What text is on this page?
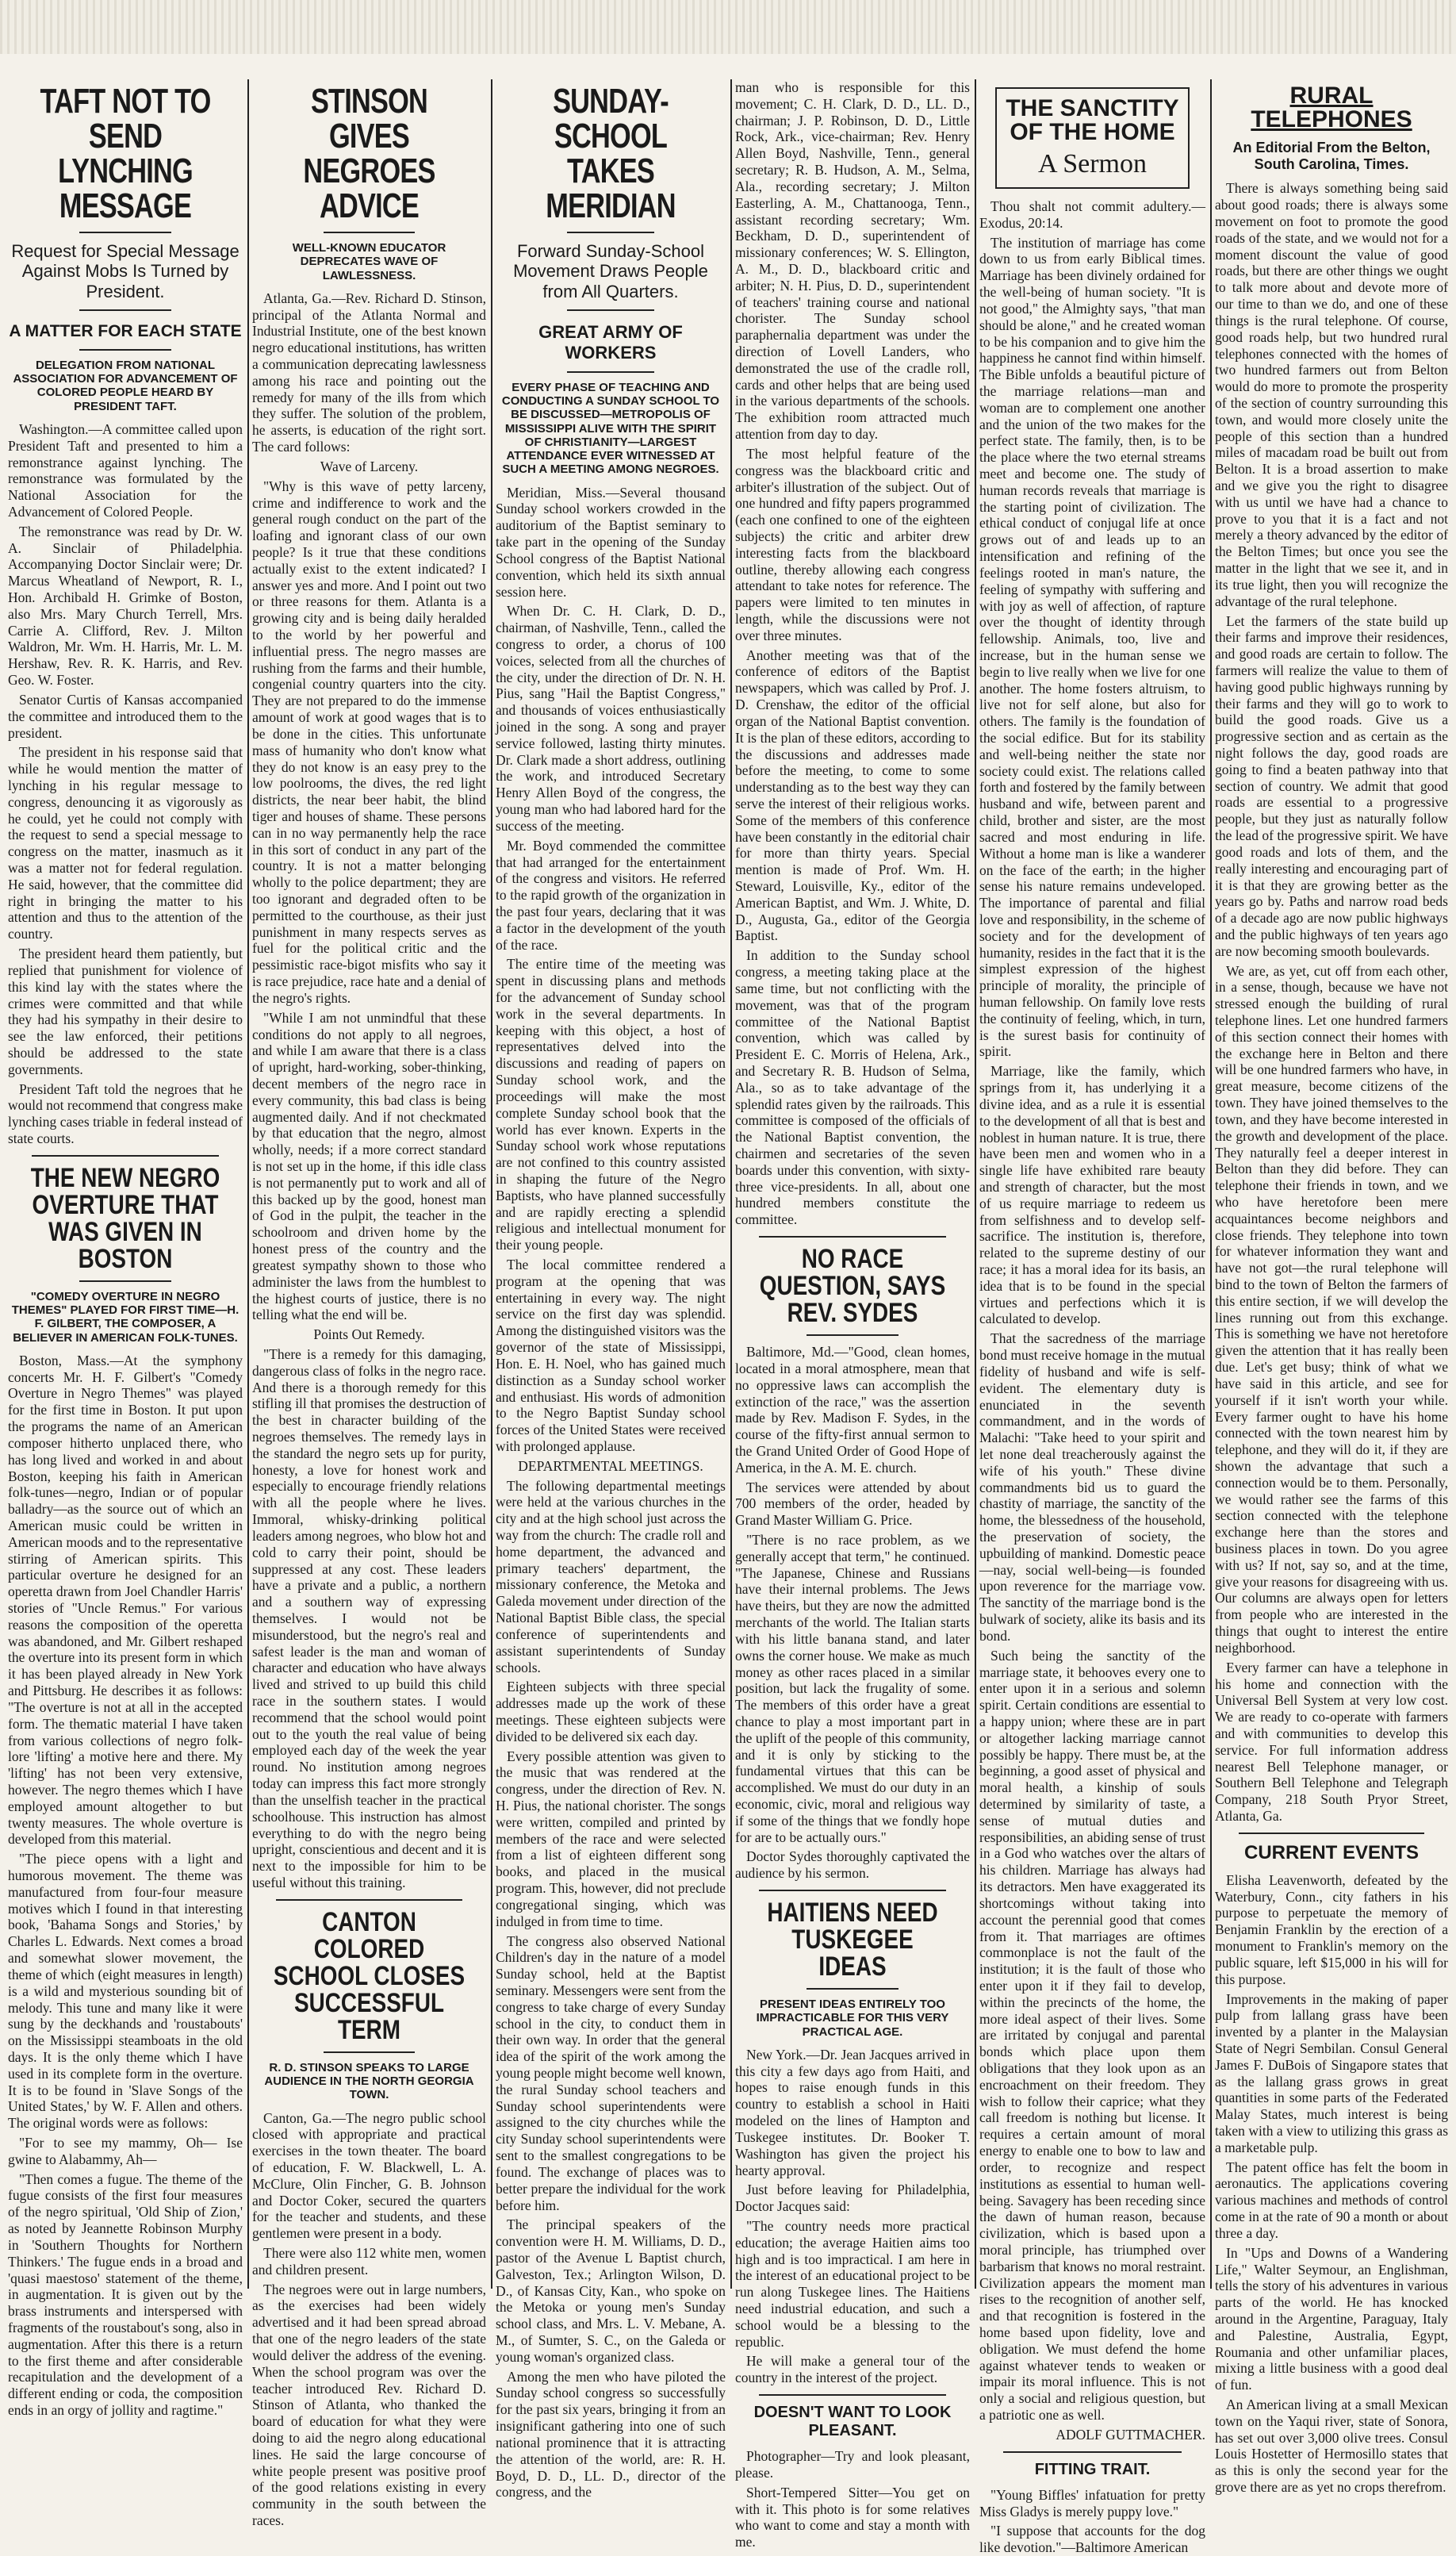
TAFT NOT TO SEND LYNCHING MESSAGE
Request for Special Message Against Mobs Is Turned by President.
A MATTER FOR EACH STATE
DELEGATION FROM NATIONAL ASSOCIATION FOR ADVANCEMENT OF COLORED PEOPLE HEARD BY PRESIDENT TAFT.

Washington.—A committee called upon President Taft and presented to him a remonstrance against lynching. The remonstrance was formulated by the National Association for the Advancement of Colored People.

The remonstrance was read by Dr. W. A. Sinclair of Philadelphia. Accompanying Doctor Sinclair were; Dr. Marcus Wheatland of Newport, R. I., Hon. Archibald H. Grimke of Boston, also Mrs. Mary Church Terrell, Mrs. Carrie A. Clifford, Rev. J. Milton Waldron, Mr. Wm. H. Harris, Mr. L. M. Hershaw, Rev. R. K. Harris, and Rev. Geo. W. Foster.

Senator Curtis of Kansas accompanied the committee and introduced them to the president.

The president in his response said that while he would mention the matter of lynching in his regular message to congress, denouncing it as vigorously as he could, yet he could not comply with the request to send a special message to congress on the matter, inasmuch as it was a matter not for federal regulation. He said, however, that the committee did right in bringing the matter to his attention and thus to the attention of the country.

The president heard them patiently, but replied that punishment for violence of this kind lay with the states where the crimes were committed and that while they had his sympathy in their desire to see the law enforced, their petitions should be addressed to the state governments.

President Taft told the negroes that he would not recommend that congress make lynching cases triable in federal instead of state courts.

THE NEW NEGRO OVERTURE THAT WAS GIVEN IN BOSTON
"COMEDY OVERTURE IN NEGRO THEMES" PLAYED FOR FIRST TIME—H. F. GILBERT, THE COMPOSER, A BELIEVER IN AMERICAN FOLK-TUNES.

Boston, Mass.—At the symphony concerts Mr. H. F. Gilbert's "Comedy Overture in Negro Themes" was played for the first time in Boston. It put upon the programs the name of an American composer hitherto unplaced there, who has long lived and worked in and about Boston, keeping his faith in American folk-tunes—negro, Indian or of popular balladry—as the source out of which an American music could be written in American moods and to the representative stirring of American spirits. This particular overture he designed for an operetta drawn from Joel Chandler Harris' stories of "Uncle Remus." For various reasons the composition of the operetta was abandoned, and Mr. Gilbert reshaped the overture into its present form in which it has been played already in New York and Pittsburg. He describes it as follows: "The overture is not at all in the accepted form. The thematic material I have taken from various collections of negro folk-lore 'lifting' a motive here and there. My 'lifting' has not been very extensive, however. The negro themes which I have employed amount altogether to but twenty measures. The whole overture is developed from this material.

"The piece opens with a light and humorous movement. The theme was manufactured from four-four measure motives which I found in that interesting book, 'Bahama Songs and Stories,' by Charles L. Edwards. Next comes a broad and somewhat slower movement, the theme of which (eight measures in length) is a wild and mysterious sounding bit of melody. This tune and many like it were sung by the deckhands and 'roustabouts' on the Mississippi steamboats in the old days. It is the only theme which I have used in its complete form in the overture. It is to be found in 'Slave Songs of the United States,' by W. F. Allen and others. The original words were as follows:

"For to see my mammy, Oh— Ise gwine to Alabammy, Ah—

"Then comes a fugue. The theme of the fugue consists of the first four measures of the negro spiritual, 'Old Ship of Zion,' as noted by Jeannette Robinson Murphy in 'Southern Thoughts for Northern Thinkers.' The fugue ends in a broad and 'quasi maestoso' statement of the theme, in augmentation. It is given out by the brass instruments and interspersed with fragments of the roustabout's song, also in augmentation. After this there is a return to the first theme and after considerable recapitulation and the development of a different ending or coda, the composition ends in an orgy of jollity and ragtime."

STINSON GIVES NEGROES ADVICE
WELL-KNOWN EDUCATOR DEPRECATES WAVE OF LAWLESSNESS.

Atlanta, Ga.—Rev. Richard D. Stinson, principal of the Atlanta Normal and Industrial Institute, one of the best known negro educational institutions, has written a communication deprecating lawlessness among his race and pointing out the remedy for many of the ills from which they suffer. The solution of the problem, he asserts, is education of the right sort. The card follows:

Wave of Larceny.

"Why is this wave of petty larceny, crime and indifference to work and the general rough conduct on the part of the loafing and ignorant class of our own people? Is it true that these conditions actually exist to the extent indicated? I answer yes and more. And I point out two or three reasons for them. Atlanta is a growing city and is being daily heralded to the world by her powerful and influential press. The negro masses are rushing from the farms and their humble, congenial country quarters into the city. They are not prepared to do the immense amount of work at good wages that is to be done in the cities. This unfortunate mass of humanity who don't know what they do not know is an easy prey to the low poolrooms, the dives, the red light districts, the near beer habit, the blind tiger and houses of shame. These persons can in no way permanently help the race in this sort of conduct in any part of the country. It is not a matter belonging wholly to the police department; they are too ignorant and degraded often to be permitted to the courthouse, as their just punishment in many respects serves as fuel for the political critic and the pessimistic race-bigot misfits who say it is race prejudice, race hate and a denial of the negro's rights.

"While I am not unmindful that these conditions do not apply to all negroes, and while I am aware that there is a class of upright, hard-working, sober-thinking, decent members of the negro race in every community, this bad class is being augmented daily. And if not checkmated by that education that the negro, almost wholly, needs; if a more correct standard is not set up in the home, if this idle class is not permanently put to work and all of this backed up by the good, honest man of God in the pulpit, the teacher in the schoolroom and driven home by the honest press of the country and the greatest sympathy shown to those who administer the laws from the humblest to the highest courts of justice, there is no telling what the end will be.

Points Out Remedy.

"There is a remedy for this damaging, dangerous class of folks in the negro race. And there is a thorough remedy for this stifling ill that promises the destruction of the best in character building of the negroes themselves. The remedy lays in the standard the negro sets up for purity, honesty, a love for honest work and especially to encourage friendly relations with all the people where he lives. Immoral, whisky-drinking political leaders among negroes, who blow hot and cold to carry their point, should be suppressed at any cost. These leaders have a private and a public, a northern and a southern way of expressing themselves. I would not be misunderstood, but the negro's real and safest leader is the man and woman of character and education who have always lived and strived to up build this child race in the southern states. I would recommend that the school would point out to the youth the real value of being employed each day of the week the year round. No institution among negroes today can impress this fact more strongly than the unselfish teacher in the practical schoolhouse. This instruction has almost everything to do with the negro being upright, conscientious and decent and it is next to the impossible for him to be useful without this training.

CANTON COLORED SCHOOL CLOSES SUCCESSFUL TERM
R. D. STINSON SPEAKS TO LARGE AUDIENCE IN THE NORTH GEORGIA TOWN.

Canton, Ga.—The negro public school closed with appropriate and practical exercises in the town theater. The board of education, F. W. Blackwell, L. A. McClure, Olin Fincher, G. B. Johnson and Doctor Coker, secured the quarters for the teacher and students, and these gentlemen were present in a body.

There were also 112 white men, women and children present.

The negroes were out in large numbers, as the exercises had been widely advertised and it had been spread abroad that one of the negro leaders of the state would deliver the address of the evening. When the school program was over the teacher introduced Rev. Richard D. Stinson of Atlanta, who thanked the board of education for what they were doing to aid the negro along educational lines. He said the large concourse of white people present was positive proof of the good relations existing in every community in the south between the races.

SUNDAY-SCHOOL TAKES MERIDIAN
Forward Sunday-School Movement Draws People from All Quarters.
GREAT ARMY OF WORKERS
EVERY PHASE OF TEACHING AND CONDUCTING A SUNDAY SCHOOL TO BE DISCUSSED—METROPOLIS OF MISSISSIPPI ALIVE WITH THE SPIRIT OF CHRISTIANITY—LARGEST ATTENDANCE EVER WITNESSED AT SUCH A MEETING AMONG NEGROES.

Meridian, Miss.—Several thousand Sunday school workers crowded in the auditorium of the Baptist seminary to take part in the opening of the Sunday School congress of the Baptist National convention, which held its sixth annual session here.

When Dr. C. H. Clark, D. D., chairman, of Nashville, Tenn., called the congress to order, a chorus of 100 voices, selected from all the churches of the city, under the direction of Dr. N. H. Pius, sang "Hail the Baptist Congress," and thousands of voices enthusiastically joined in the song. A song and prayer service followed, lasting thirty minutes. Dr. Clark made a short address, outlining the work, and introduced Secretary Henry Allen Boyd of the congress, the young man who had labored hard for the success of the meeting.

Mr. Boyd commended the committee that had arranged for the entertainment of the congress and visitors. He referred to the rapid growth of the organization in the past four years, declaring that it was a factor in the development of the youth of the race.

The entire time of the meeting was spent in discussing plans and methods for the advancement of Sunday school work in the several departments. In keeping with this object, a host of representatives delved into the discussions and reading of papers on Sunday school work, and the proceedings will make the most complete Sunday school book that the world has ever known. Experts in the Sunday school work whose reputations are not confined to this country assisted in shaping the future of the Negro Baptists, who have planned successfully and are rapidly erecting a splendid religious and intellectual monument for their young people.

The local committee rendered a program at the opening that was entertaining in every way. The night service on the first day was splendid. Among the distinguished visitors was the governor of the state of Mississippi, Hon. E. H. Noel, who has gained much distinction as a Sunday school worker and enthusiast. His words of admonition to the Negro Baptist Sunday school forces of the United States were received with prolonged applause.

DEPARTMENTAL MEETINGS.

The following departmental meetings were held at the various churches in the city and at the high school just across the way from the church: The cradle roll and home department, the advanced and primary teachers' department, the missionary conference, the Metoka and Galeda movement under direction of the National Baptist Bible class, the special conference of superintendents and assistant superintendents of Sunday schools.

Eighteen subjects with three special addresses made up the work of these meetings. These eighteen subjects were divided to be delivered six each day.

Every possible attention was given to the music that was rendered at the congress, under the direction of Rev. N. H. Pius, the national chorister. The songs were written, compiled and printed by members of the race and were selected from a list of eighteen different song books, and placed in the musical program. This, however, did not preclude congregational singing, which was indulged in from time to time.

The congress also observed National Children's day in the nature of a model Sunday school, held at the Baptist seminary. Messengers were sent from the congress to take charge of every Sunday school in the city, to conduct them in their own way. In order that the general idea of the spirit of the work among the young people might become well known, the rural Sunday school teachers and Sunday school superintendents were assigned to the city churches while the city Sunday school superintendents were sent to the smallest congregations to be found. The exchange of places was to better prepare the individual for the work before him.

The principal speakers of the convention were H. M. Williams, D. D., pastor of the Avenue L Baptist church, Galveston, Tex.; Arlington Wilson, D. D., of Kansas City, Kan., who spoke on the Metoka or young men's Sunday school class, and Mrs. L. V. Mebane, A. M., of Sumter, S. C., on the Galeda or young woman's organized class.

Among the men who have piloted the Sunday school congress so successfully for the past six years, bringing it from an insignificant gathering into one of such national prominence that it is attracting the attention of the world, are: R. H. Boyd, D. D., LL. D., director of the congress, and the

man who is responsible for this movement; C. H. Clark, D. D., LL. D., chairman; J. P. Robinson, D. D., Little Rock, Ark., vice-chairman; Rev. Henry Allen Boyd, Nashville, Tenn., general secretary; R. B. Hudson, A. M., Selma, Ala., recording secretary; J. Milton Easterling, A. M., Chattanooga, Tenn., assistant recording secretary; Wm. Beckham, D. D., superintendent of missionary conferences; W. S. Ellington, A. M., D. D., blackboard critic and arbiter; N. H. Pius, D. D., superintendent of teachers' training course and national chorister. The Sunday school paraphernalia department was under the direction of Lovell Landers, who demonstrated the use of the cradle roll, cards and other helps that are being used in the various departments of the schools. The exhibition room attracted much attention from day to day.

The most helpful feature of the congress was the blackboard critic and arbiter's illustration of the subject. Out of one hundred and fifty papers programmed (each one confined to one of the eighteen subjects) the critic and arbiter drew interesting facts from the blackboard outline, thereby allowing each congress attendant to take notes for reference. The papers were limited to ten minutes in length, while the discussions were not over three minutes.

Another meeting was that of the conference of editors of the Baptist newspapers, which was called by Prof. J. D. Crenshaw, the editor of the official organ of the National Baptist convention. It is the plan of these editors, according to the discussions and addresses made before the meeting, to come to some understanding as to the best way they can serve the interest of their religious works. Some of the members of this conference have been constantly in the editorial chair for more than thirty years. Special mention is made of Prof. Wm. H. Steward, Louisville, Ky., editor of the American Baptist, and Wm. J. White, D. D., Augusta, Ga., editor of the Georgia Baptist.

In addition to the Sunday school congress, a meeting taking place at the same time, but not conflicting with the movement, was that of the program committee of the National Baptist convention, which was called by President E. C. Morris of Helena, Ark., and Secretary R. B. Hudson of Selma, Ala., so as to take advantage of the splendid rates given by the railroads. This committee is composed of the officials of the National Baptist convention, the chairmen and secretaries of the seven boards under this convention, with sixty-three vice-presidents. In all, about one hundred members constitute the committee.

NO RACE QUESTION, SAYS REV. SYDES

Baltimore, Md.—"Good, clean homes, located in a moral atmosphere, mean that no oppressive laws can accomplish the extinction of the race," was the assertion made by Rev. Madison F. Sydes, in the course of the fifty-first annual sermon to the Grand United Order of Good Hope of America, in the A. M. E. church.

The services were attended by about 700 members of the order, headed by Grand Master William G. Price.

"There is no race problem, as we generally accept that term," he continued. "The Japanese, Chinese and Russians have their internal problems. The Jews have theirs, but they are now the admitted merchants of the world. The Italian starts with his little banana stand, and later owns the corner house. We make as much money as other races placed in a similar position, but lack the frugality of some. The members of this order have a great chance to play a most important part in the uplift of the people of this community, and it is only by sticking to the fundamental virtues that this can be accomplished. We must do our duty in an economic, civic, moral and religious way if some of the things that we fondly hope for are to be actually ours."

Doctor Sydes thoroughly captivated the audience by his sermon.

HAITIENS NEED TUSKEGEE IDEAS
PRESENT IDEAS ENTIRELY TOO IMPRACTICABLE FOR THIS VERY PRACTICAL AGE.

New York.—Dr. Jean Jacques arrived in this city a few days ago from Haiti, and hopes to raise enough funds in this country to establish a school in Haiti modeled on the lines of Hampton and Tuskegee institutes. Dr. Booker T. Washington has given the project his hearty approval.

Just before leaving for Philadelphia, Doctor Jacques said:

"The country needs more practical education; the average Haitien aims too high and is too impractical. I am here in the interest of an educational project to be run along Tuskegee lines. The Haitiens need industrial education, and such a school would be a blessing to the republic.

He will make a general tour of the country in the interest of the project.

DOESN'T WANT TO LOOK PLEASANT.

Photographer—Try and look pleasant, please.

Short-Tempered Sitter—You get on with it. This photo is for some relatives who want to come and stay a month with me.

THE SANCTITY OF THE HOME
A Sermon

Thou shalt not commit adultery.—Exodus, 20:14.

The institution of marriage has come down to us from early Biblical times. Marriage has been divinely ordained for the well-being of human society. "It is not good," the Almighty says, "that man should be alone," and he created woman to be his companion and to give him the happiness he cannot find within himself. The Bible unfolds a beautiful picture of the marriage relations—man and woman are to complement one another and the union of the two makes for the perfect state. The family, then, is to be the place where the two eternal streams meet and become one. The study of human records reveals that marriage is the starting point of civilization. The ethical conduct of conjugal life at once grows out of and leads up to an intensification and refining of the feelings rooted in man's nature, the feeling of sympathy with suffering and with joy as well of affection, of rapture over the thought of identity through fellowship. Animals, too, live and increase, but in the human sense we begin to live really when we live for one another. The home fosters altruism, to live not for self alone, but also for others. The family is the foundation of the social edifice. But for its stability and well-being neither the state nor society could exist. The relations called forth and fostered by the family between husband and wife, between parent and child, brother and sister, are the most sacred and most enduring in life. Without a home man is like a wanderer on the face of the earth; in the higher sense his nature remains undeveloped. The importance of parental and filial love and responsibility, in the scheme of society and for the development of humanity, resides in the fact that it is the simplest expression of the highest principle of morality, the principle of human fellowship. On family love rests the continuity of feeling, which, in turn, is the surest basis for continuity of spirit.

Marriage, like the family, which springs from it, has underlying it a divine idea, and as a rule it is essential to the development of all that is best and noblest in human nature. It is true, there have been men and women who in a single life have exhibited rare beauty and strength of character, but the most of us require marriage to redeem us from selfishness and to develop self-sacrifice. The institution is, therefore, related to the supreme destiny of our race; it has a moral idea for its basis, an idea that is to be found in the special virtues and perfections which it is calculated to develop.

That the sacredness of the marriage bond must receive homage in the mutual fidelity of husband and wife is self-evident. The elementary duty is enunciated in the seventh commandment, and in the words of Malachi: "Take heed to your spirit and let none deal treacherously against the wife of his youth." These divine commandments bid us to guard the chastity of marriage, the sanctity of the home, the blessedness of the household, the preservation of society, the upbuilding of mankind. Domestic peace—nay, social well-being—is founded upon reverence for the marriage vow. The sanctity of the marriage bond is the bulwark of society, alike its basis and its bond.

Such being the sanctity of the marriage state, it behooves every one to enter upon it in a serious and solemn spirit. Certain conditions are essential to a happy union; where these are in part or altogether lacking marriage cannot possibly be happy. There must be, at the beginning, a good asset of physical and moral health, a kinship of souls determined by similarity of taste, a sense of mutual duties and responsibilities, an abiding sense of trust in a God who watches over the altars of his children. Marriage has always had its detractors. Men have exaggerated its shortcomings without taking into account the perennial good that comes from it. That marriages are oftimes commonplace is not the fault of the institution; it is the fault of those who enter upon it if they fail to develop, within the precincts of the home, the more ideal aspect of their lives. Some are irritated by conjugal and parental bonds which place upon them obligations that they look upon as an encroachment on their freedom. They wish to follow their caprice; what they call freedom is nothing but license. It requires a certain amount of moral energy to enable one to bow to law and order, to recognize and respect institutions as essential to human well-being. Savagery has been receding since the dawn of human reason, because civilization, which is based upon a moral principle, has triumphed over barbarism that knows no moral restraint. Civilization appears the moment man rises to the recognition of another self, and that recognition is fostered in the home based upon fidelity, love and obligation. We must defend the home against whatever tends to weaken or impair its moral influence. This is not only a social and religious question, but a patriotic one as well.

ADOLF GUTTMACHER.

FITTING TRAIT.

"Young Biffles' infatuation for pretty Miss Gladys is merely puppy love."

"I suppose that accounts for the dog like devotion."—Baltimore American

RURAL TELEPHONES
An Editorial From the Belton, South Carolina, Times.

There is always something being said about good roads; there is always some movement on foot to promote the good roads of the state, and we would not for a moment discount the value of good roads, but there are other things we ought to talk more about and devote more of our time to than we do, and one of these things is the rural telephone. Of course, good roads help, but two hundred rural telephones connected with the homes of two hundred farmers out from Belton would do more to promote the prosperity of the section of country surrounding this town, and would more closely unite the people of this section than a hundred miles of macadam road be built out from Belton. It is a broad assertion to make and we give you the right to disagree with us until we have had a chance to prove to you that it is a fact and not merely a theory advanced by the editor of the Belton Times; but once you see the matter in the light that we see it, and in its true light, then you will recognize the advantage of the rural telephone.

Let the farmers of the state build up their farms and improve their residences, and good roads are certain to follow. The farmers will realize the value to them of having good public highways running by their farms and they will go to work to build the good roads. Give us a progressive section and as certain as the night follows the day, good roads are going to find a beaten pathway into that section of country. We admit that good roads are essential to a progressive people, but they just as naturally follow the lead of the progressive spirit. We have good roads and lots of them, and the really interesting and encouraging part of it is that they are growing better as the years go by. Paths and narrow road beds of a decade ago are now public highways and the public highways of ten years ago are now becoming smooth boulevards.

We are, as yet, cut off from each other, in a sense, though, because we have not stressed enough the building of rural telephone lines. Let one hundred farmers of this section connect their homes with the exchange here in Belton and there will be one hundred farmers who have, in great measure, become citizens of the town. They have joined themselves to the town, and they have become interested in the growth and development of the place. They naturally feel a deeper interest in Belton than they did before. They can telephone their friends in town, and we who have heretofore been mere acquaintances become neighbors and close friends. They telephone into town for whatever information they want and have not got—the rural telephone will bind to the town of Belton the farmers of this entire section, if we will develop the lines running out from this exchange. This is something we have not heretofore given the attention that it has really been due. Let's get busy; think of what we have said in this article, and see for yourself if it isn't worth your while. Every farmer ought to have his home connected with the town nearest him by telephone, and they will do it, if they are shown the advantage that such a connection would be to them. Personally, we would rather see the farms of this section connected with the telephone exchange here than the stores and business places in town. Do you agree with us? If not, say so, and at the time, give your reasons for disagreeing with us. Our columns are always open for letters from people who are interested in the things that ought to interest the entire neighborhood.

Every farmer can have a telephone in his home and connection with the Universal Bell System at very low cost. We are ready to co-operate with farmers and with communities to develop this service. For full information address nearest Bell Telephone manager, or Southern Bell Telephone and Telegraph Company, 218 South Pryor Street, Atlanta, Ga.

CURRENT EVENTS

Elisha Leavenworth, defeated by the Waterbury, Conn., city fathers in his purpose to perpetuate the memory of Benjamin Franklin by the erection of a monument to Franklin's memory on the public square, left $15,000 in his will for this purpose.

Improvements in the making of paper pulp from lallang grass have been invented by a planter in the Malaysian State of Negri Sembilan. Consul General James F. DuBois of Singapore states that as the lallang grass grows in great quantities in some parts of the Federated Malay States, much interest is being taken with a view to utilizing this grass as a marketable pulp.

The patent office has felt the boom in aeronautics. The applications covering various machines and methods of control come in at the rate of 90 a month or about three a day.

In "Ups and Downs of a Wandering Life," Walter Seymour, an Englishman, tells the story of his adventures in various parts of the world. He has knocked around in the Argentine, Paraguay, Italy and Palestine, Australia, Egypt, Roumania and other unfamiliar places, mixing a little business with a good deal of fun.

An American living at a small Mexican town on the Yaqui river, state of Sonora, has set out over 3,000 olive trees. Consul Louis Hostetter of Hermosillo states that as this is only the second year for the grove there are as yet no crops therefrom.
